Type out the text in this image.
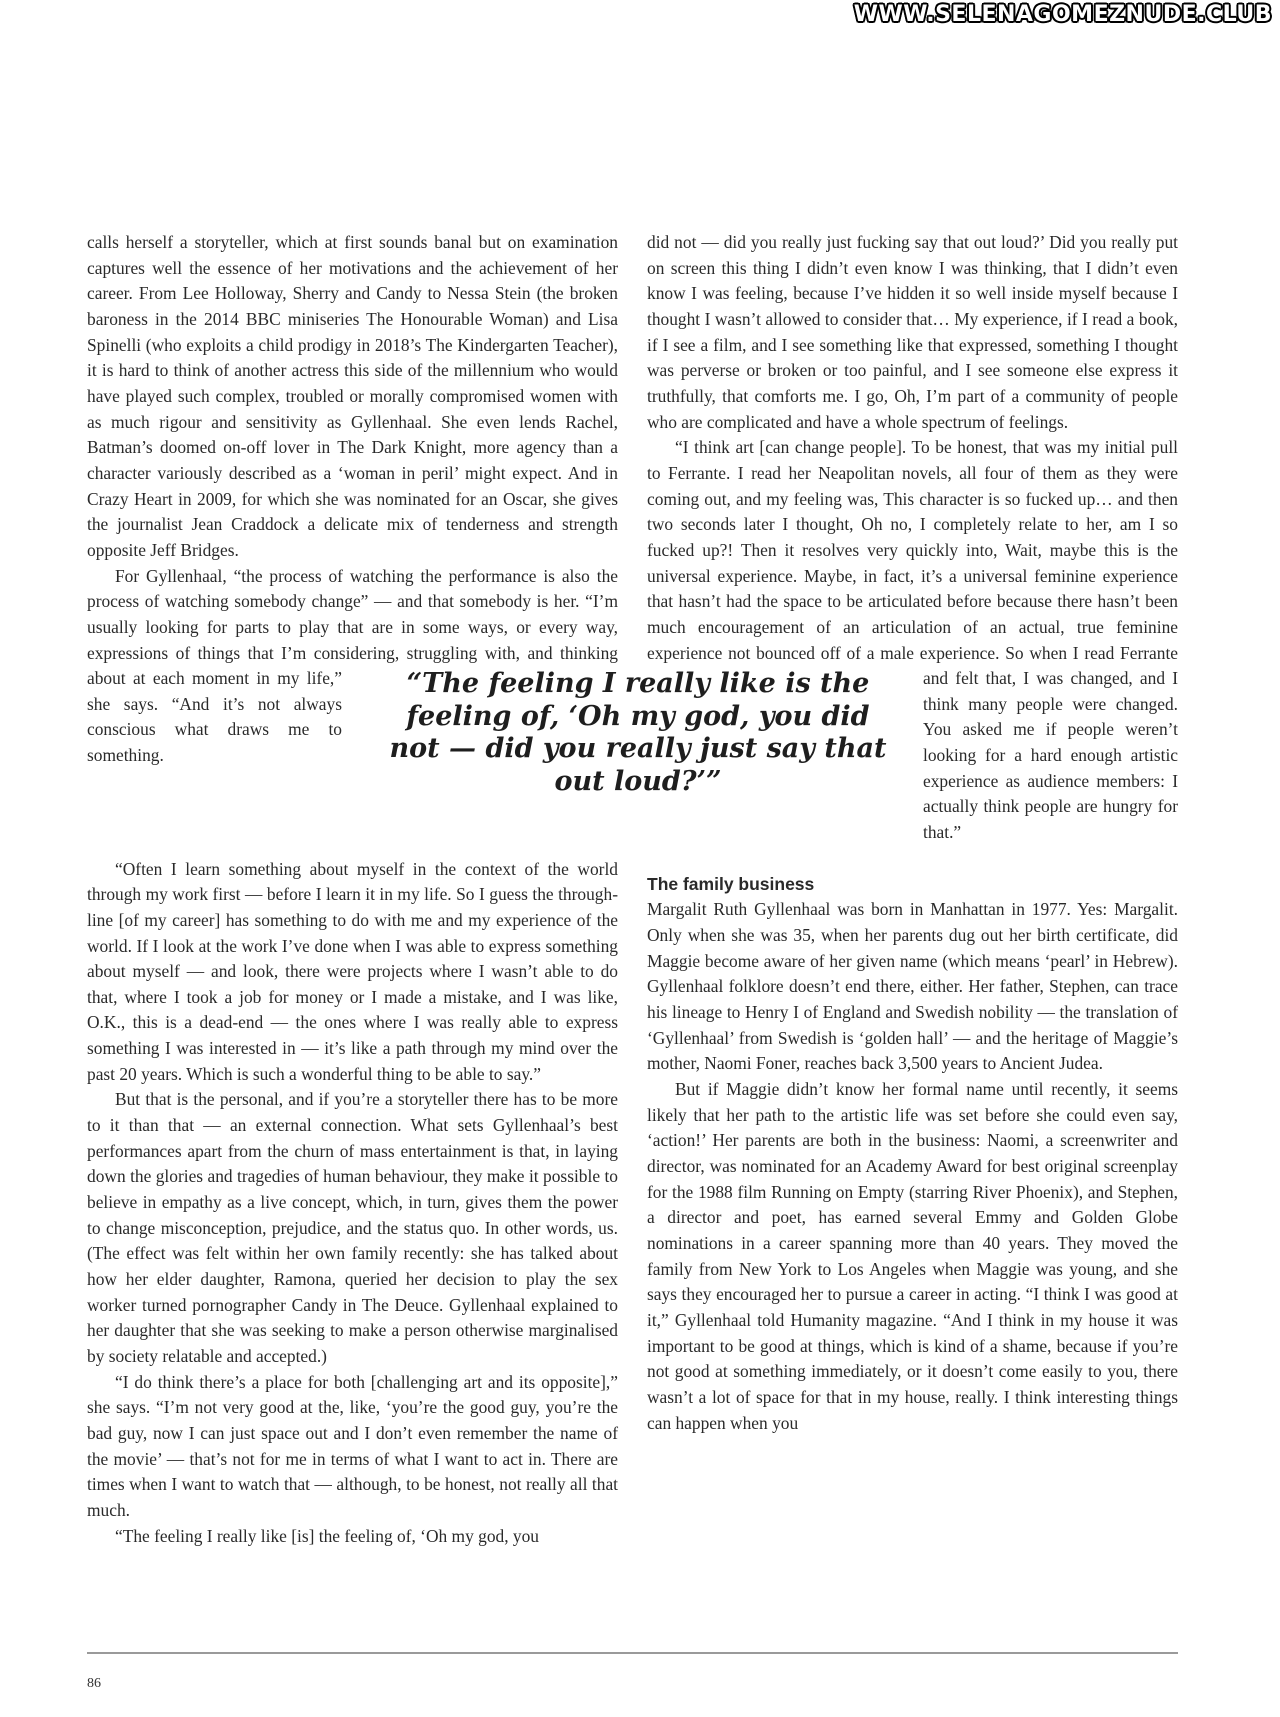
WWW.SELENAGOMEZNUDE.CLUB

calls herself a storyteller, which at first sounds banal but on examination captures well the essence of her motivations and the achievement of her career. From Lee Holloway, Sherry and Candy to Nessa Stein (the broken baroness in the 2014 BBC miniseries The Honourable Woman) and Lisa Spinelli (who exploits a child prodigy in 2018’s The Kindergarten Teacher), it is hard to think of another actress this side of the millennium who would have played such complex, troubled or morally compromised women with as much rigour and sensitivity as Gyllenhaal. She even lends Rachel, Batman’s doomed on-off lover in The Dark Knight, more agency than a character variously described as a ‘woman in peril’ might expect. And in Crazy Heart in 2009, for which she was nominated for an Oscar, she gives the journalist Jean Craddock a delicate mix of tenderness and strength opposite Jeff Bridges.

For Gyllenhaal, “the process of watching the performance is also the process of watching somebody change” — and that somebody is her. “I’m usually looking for parts to play that are in some ways, or every way, expressions of things that I’m considering, struggling with, and thinking about at each moment in my life,” she says. “And it’s not always conscious what draws me to something.

“Often I learn something about myself in the context of the world through my work first — before I learn it in my life. So I guess the through-line [of my career] has something to do with me and my experience of the world. If I look at the work I’ve done when I was able to express something about myself — and look, there were projects where I wasn’t able to do that, where I took a job for money or I made a mistake, and I was like, O.K., this is a dead-end — the ones where I was really able to express something I was interested in — it’s like a path through my mind over the past 20 years. Which is such a wonderful thing to be able to say.”

But that is the personal, and if you’re a storyteller there has to be more to it than that — an external connection. What sets Gyllenhaal’s best performances apart from the churn of mass entertainment is that, in laying down the glories and tragedies of human behaviour, they make it possible to believe in empathy as a live concept, which, in turn, gives them the power to change misconception, prejudice, and the status quo. In other words, us. (The effect was felt within her own family recently: she has talked about how her elder daughter, Ramona, queried her decision to play the sex worker turned pornographer Candy in The Deuce. Gyllenhaal explained to her daughter that she was seeking to make a person otherwise marginalised by society relatable and accepted.)

“I do think there’s a place for both [challenging art and its opposite],” she says. “I’m not very good at the, like, ‘you’re the good guy, you’re the bad guy, now I can just space out and I don’t even remember the name of the movie’ — that’s not for me in terms of what I want to act in. There are times when I want to watch that — although, to be honest, not really all that much.

“The feeling I really like [is] the feeling of, ‘Oh my god, you

did not — did you really just fucking say that out loud?’ Did you really put on screen this thing I didn’t even know I was thinking, that I didn’t even know I was feeling, because I’ve hidden it so well inside myself because I thought I wasn’t allowed to consider that… My experience, if I read a book, if I see a film, and I see something like that expressed, something I thought was perverse or broken or too painful, and I see someone else express it truthfully, that comforts me. I go, Oh, I’m part of a community of people who are complicated and have a whole spectrum of feelings.

“I think art [can change people]. To be honest, that was my initial pull to Ferrante. I read her Neapolitan novels, all four of them as they were coming out, and my feeling was, This character is so fucked up… and then two seconds later I thought, Oh no, I completely relate to her, am I so fucked up?! Then it resolves very quickly into, Wait, maybe this is the universal experience. Maybe, in fact, it’s a universal feminine experience that hasn’t had the space to be articulated before because there hasn’t been much encouragement of an articulation of an actual, true feminine experience not bounced off of a male experience. So when I read Ferrante and felt that, I was changed, and I think many people were changed. You asked me if people weren’t looking for a hard enough artistic experience as audience members: I actually think people are hungry for that.”

The family business

Margalit Ruth Gyllenhaal was born in Manhattan in 1977. Yes: Margalit. Only when she was 35, when her parents dug out her birth certificate, did Maggie become aware of her given name (which means ‘pearl’ in Hebrew). Gyllenhaal folklore doesn’t end there, either. Her father, Stephen, can trace his lineage to Henry I of England and Swedish nobility — the translation of ‘Gyllenhaal’ from Swedish is ‘golden hall’ — and the heritage of Maggie’s mother, Naomi Foner, reaches back 3,500 years to Ancient Judea.

But if Maggie didn’t know her formal name until recently, it seems likely that her path to the artistic life was set before she could even say, ‘action!’ Her parents are both in the business: Naomi, a screenwriter and director, was nominated for an Academy Award for best original screenplay for the 1988 film Running on Empty (starring River Phoenix), and Stephen, a director and poet, has earned several Emmy and Golden Globe nominations in a career spanning more than 40 years. They moved the family from New York to Los Angeles when Maggie was young, and she says they encouraged her to pursue a career in acting. “I think I was good at it,” Gyllenhaal told Humanity magazine. “And I think in my house it was important to be good at things, which is kind of a shame, because if you’re not good at something immediately, or it doesn’t come easily to you, there wasn’t a lot of space for that in my house, really. I think interesting things can happen when you

“The feeling I really like is the feeling of, ‘Oh my god, you did not — did you really just say that out loud?’”
86
